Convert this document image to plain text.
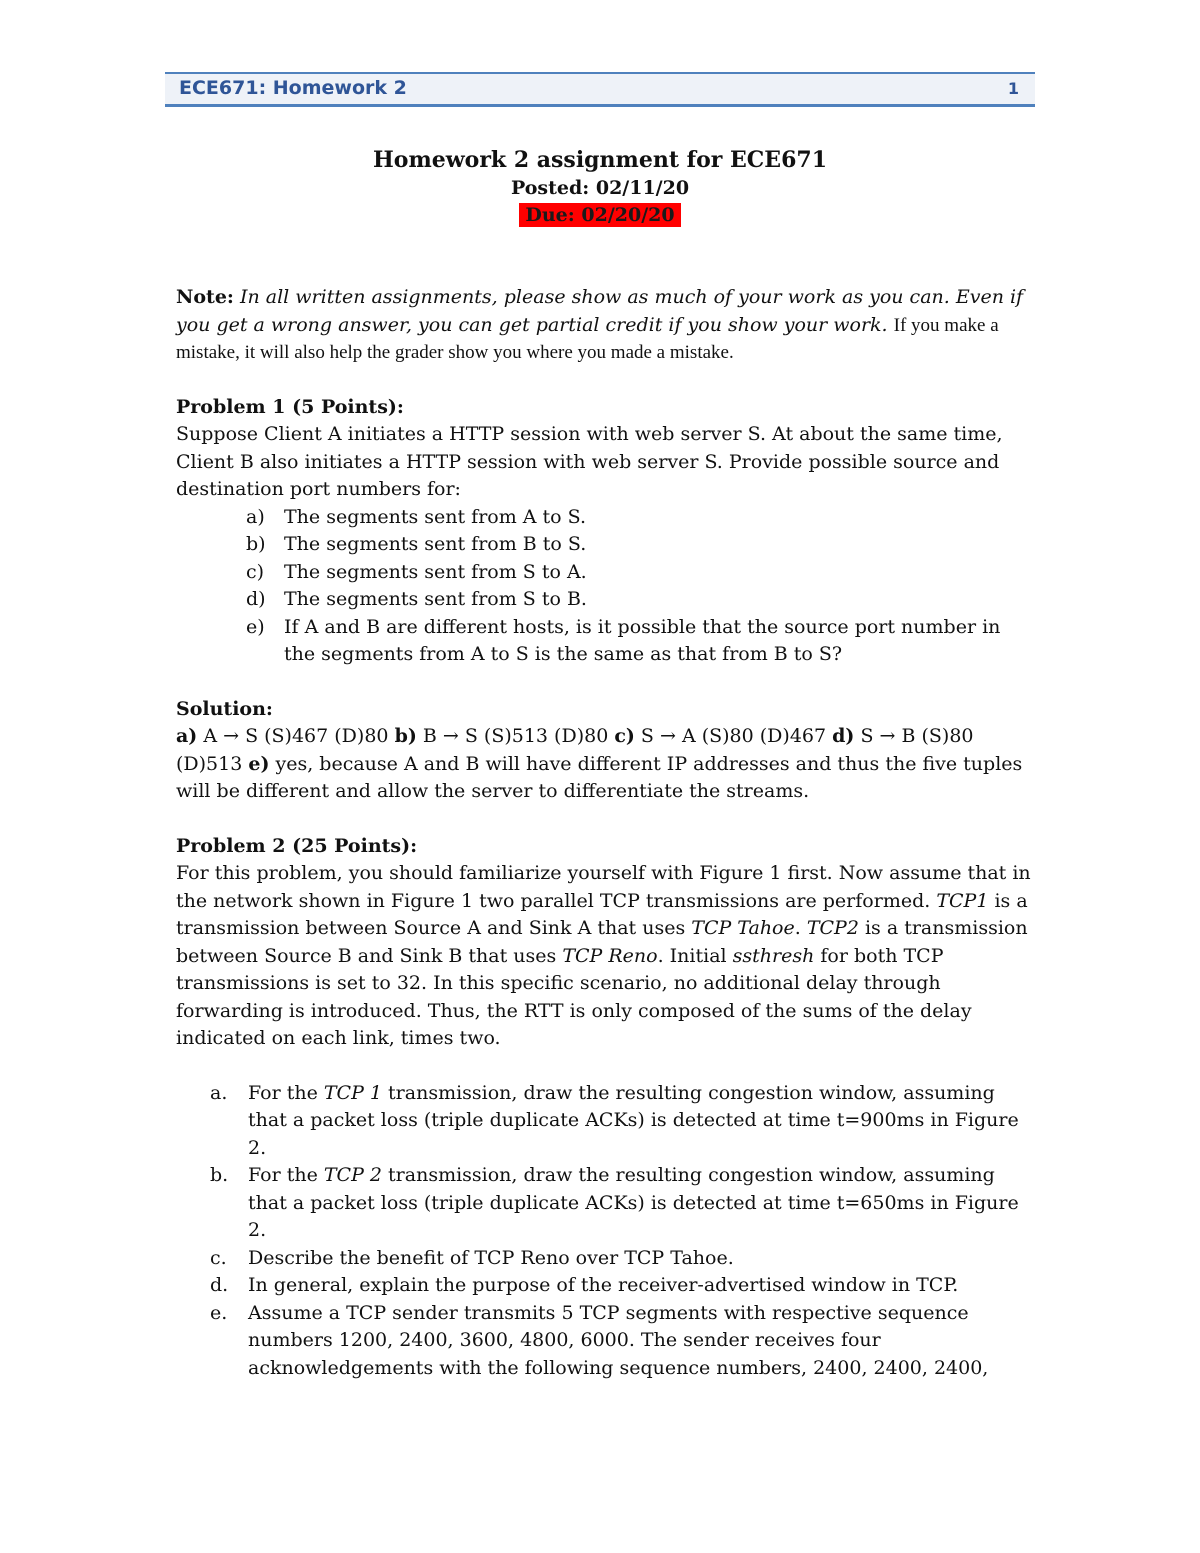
ECE671: Homework 2	1
Homework 2 assignment for ECE671
Posted: 02/11/20
Due: 02/20/20

Note: In all written assignments, please show as much of your work as you can. Even if you get a wrong answer, you can get partial credit if you show your work. If you make a mistake, it will also help the grader show you where you made a mistake.

Problem 1 (5 Points):

Suppose Client A initiates a HTTP session with web server S. At about the same time, Client B also initiates a HTTP session with web server S. Provide possible source and destination port numbers for:

a) The segments sent from A to S.
b) The segments sent from B to S.
c) The segments sent from S to A.
d) The segments sent from S to B.
e) If A and B are different hosts, is it possible that the source port number in the segments from A to S is the same as that from B to S?

Solution:

a) A → S (S)467 (D)80 b) B → S (S)513 (D)80 c) S → A (S)80 (D)467 d) S → B (S)80 (D)513 e) yes, because A and B will have different IP addresses and thus the five tuples will be different and allow the server to differentiate the streams.

Problem 2 (25 Points):

For this problem, you should familiarize yourself with Figure 1 first. Now assume that in the network shown in Figure 1 two parallel TCP transmissions are performed. TCP1 is a transmission between Source A and Sink A that uses TCP Tahoe. TCP2 is a transmission between Source B and Sink B that uses TCP Reno. Initial ssthresh for both TCP transmissions is set to 32. In this specific scenario, no additional delay through forwarding is introduced. Thus, the RTT is only composed of the sums of the delay indicated on each link, times two.

a. For the TCP 1 transmission, draw the resulting congestion window, assuming that a packet loss (triple duplicate ACKs) is detected at time t=900ms in Figure 2.
b. For the TCP 2 transmission, draw the resulting congestion window, assuming that a packet loss (triple duplicate ACKs) is detected at time t=650ms in Figure 2.
c. Describe the benefit of TCP Reno over TCP Tahoe.
d. In general, explain the purpose of the receiver-advertised window in TCP.
e. Assume a TCP sender transmits 5 TCP segments with respective sequence numbers 1200, 2400, 3600, 4800, 6000. The sender receives four acknowledgements with the following sequence numbers, 2400, 2400, 2400,
